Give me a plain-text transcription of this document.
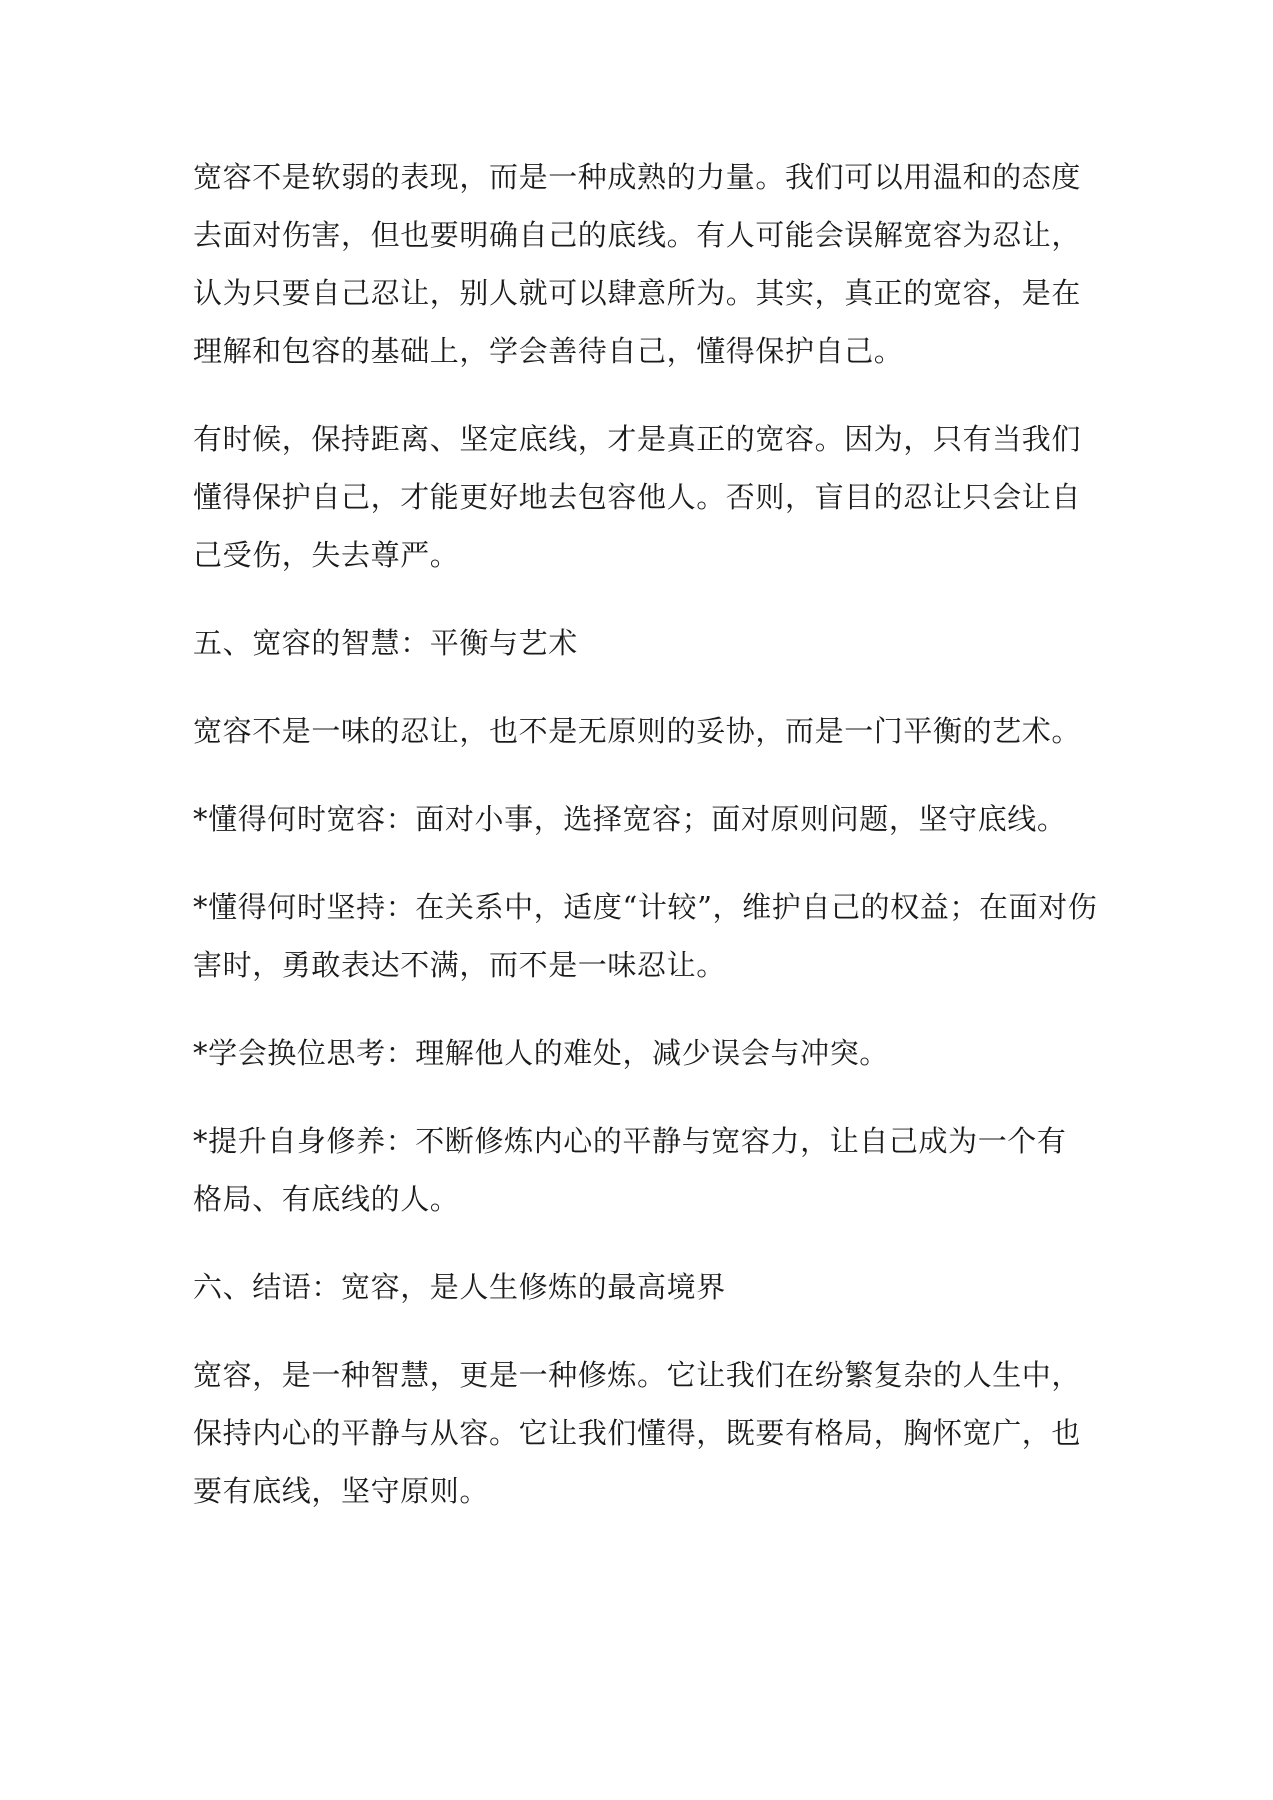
宽容不是软弱的表现，而是一种成熟的力量。我们可以用温和的态度
去面对伤害，但也要明确自己的底线。有人可能会误解宽容为忍让，
认为只要自己忍让，别人就可以肆意所为。其实，真正的宽容，是在
理解和包容的基础上，学会善待自己，懂得保护自己。

有时候，保持距离、坚定底线，才是真正的宽容。因为，只有当我们
懂得保护自己，才能更好地去包容他人。否则，盲目的忍让只会让自
己受伤，失去尊严。

五、宽容的智慧：平衡与艺术

宽容不是一味的忍让，也不是无原则的妥协，而是一门平衡的艺术。

*懂得何时宽容：面对小事，选择宽容；面对原则问题，坚守底线。

*懂得何时坚持：在关系中，适度“计较”，维护自己的权益；在面对伤
害时，勇敢表达不满，而不是一味忍让。

*学会换位思考：理解他人的难处，减少误会与冲突。

*提升自身修养：不断修炼内心的平静与宽容力，让自己成为一个有
格局、有底线的人。

六、结语：宽容，是人生修炼的最高境界

宽容，是一种智慧，更是一种修炼。它让我们在纷繁复杂的人生中，
保持内心的平静与从容。它让我们懂得，既要有格局，胸怀宽广，也
要有底线，坚守原则。
